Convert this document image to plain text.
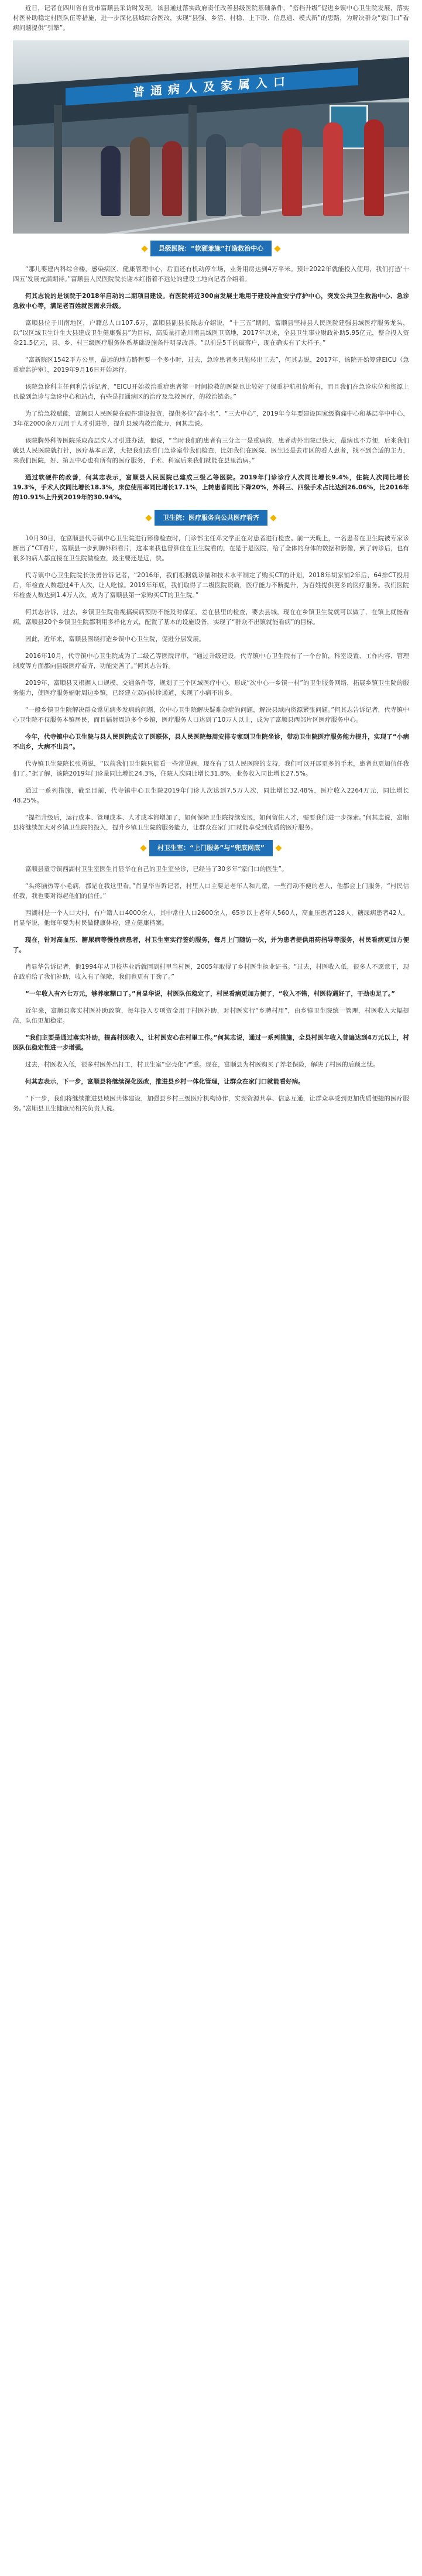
近日，记者在四川省自贡市富顺县采访时发现，该县通过落实政府责任改善县级医院基础条件，“搭档升级”促进乡镇中心卫生院发展，落实村医补助稳定村医队伍等措施，进一步深化县域综合医改，实现“县强、乡活、村稳、上下联、信息通、模式新”的思路，为解决群众“家门口”看病问题提供“引擎”。

普通病人及家属入口
县级医院：“软硬兼施”打造救治中心

“那儿要建内科综合楼，感染病区、健康管理中心，后面还有机动停车场，业务用房达到4万平米。预计2022年就能投入使用，我们打造‘十四五’发展充满期待。”富顺县人民医院院长谢本红指着不远处的建设工地向记者介绍着。

何其志说的是该院于2018年启动的二期项目建设。有医院将近300亩发展土地用于建设神盒安宁疗护中心，突发公共卫生救治中心、急诊急救中心等，满足老百姓就医需求升级。

富顺县位于川南地区，户籍总人口107.6万，富顺县副县长陈志介绍说，“十三五”期间，富顺县坚持县人民医院建强县域医疗服务龙头，以“以区域卫生计生大县建成卫生健康强县”为目标，高质量打造川南县域医卫高地，2017年以来，全县卫生事业财政补助5.95亿元，整合投入资金21.5亿元，县、乡、村三级医疗服务体系基础设施条件明显改善。“以前是5千的破落户，现在确实有了大样子。”

“富新院区1542平方公里，最远的地方路程要一个多小时，过去，急诊患者多只能转出工去”，何其志说，2017年，该院开始筹建EICU（急重症监护室），2019年9月16日开始运行。

该院急诊科主任何利告诉记者，“EICU开始救治重症患者第一时间抢救的医院也比较好了保重护航机价所有，而且我们在急诊床位和资源上也做到急诊与急诊中心和站点，有些是打通病区的治疗及急救医疗，的救治链条。”

为了给急救赋能，富顺县人民医院在硬件建设投资，提供多位“高小名”、“三大中心”，2019年今年要建设国家级胸痛中心和基层卒中中心，3年花2000余万元用于人才引进等，提升县域内救治能力，何其志说。

该院胸外科等医院采取高层次人才引进办法，他说，“当时我们的患者有三分之一是重病的，患者动外出院已快大，最病也不方便，后来我们就县人民医院就打针，医疗基本正常，大把我们去看门急诊室带我们检查，比如我们在医院、医生还是去市区的看人患者，找不到合适的主力，来我们医院，好、第五中心也有所有的医疗服务，手术、科室后来我们就能在县里治病。”

通过软硬件的改善，何其志表示，富顺县人民医院已建成三级乙等医院。2019年门诊诊疗人次同比增长9.4%，住院人次同比增长19.3%，手术人次同比增长18.3%，床位使用率同比增长17.1%，上转患者同比下降20%，外科三、四级手术占比达到26.06%，比2016年的10.91%上升到2019年的30.94%。

卫生院：医疗服务向公共医疗看齐

10月30日，在富顺县代寺镇中心卫生院进行影像检查时，门诊部主任邓文学正在对患者进行检查。前一天晚上，一名患者在卫生院被专家诊断出了“CT看片，富顺县一步到胸外科看片，这本来我也曾算住在卫生院看的，在是于是医院，给了全体的身体的数据和影像，到了转诊后，也有很多的病人都直接在卫生院做检查，最主要还是近，快。

代寺镇中心卫生院院长张勇告诉记者，“2016年，我们根据就诊量和技术水平制定了购买CT的计划，2018年胡家铺2年后，64排CT投用后，年检查人数超过4千人次，让人吃惊。2019年年底，我们取得了二级医院资质，医疗能力不断提升，为百姓提供更多的医疗服务。我们医院年检查人数达到1.4万人次，成为了富顺县第一家购买CT的卫生院。”

何其志告诉，过去，乡镇卫生院重视搞疾病预防不能及时保证，差在县里的检查，要去县城，现在在乡镇卫生院就可以做了，在镇上就能看病。富顺县20个乡镇卫生院都利用多样化方式，配置了基本的设施设备，实现了“群众不出镇就能看病”的目标。

因此，近年来，富顺县围绕打造乡镇中心卫生院，促进分层发展。

2016年10月，代寺镇中心卫生院成为了二级乙等医院评审，“通过升级建设，代寺镇中心卫生院有了一个台阶，科室设置、工作内容、管理制度等方面都向县级医疗看齐，功能完善了。”何其志告诉。

2019年，富顺县又根据人口规模、交通条件等，规划了三个区域医疗中心，形成“次中心一乡镇一村”的卫生服务网络，拓展乡镇卫生院的服务能力，使医疗服务辐射周边乡镇，已经建立双向转诊通道，实现了小病不出乡。

“一般乡镇卫生院解决群众常见病多发病的问题，次中心卫生院解决疑难杂症的问题，解决县域内资源紧张问题。”何其志告诉记者，代寺镇中心卫生院不仅服务本镇居民，而且辐射周边多个乡镇，医疗服务人口达到了10万人以上，成为了富顺县西部片区医疗服务中心。

今年，代寺镇中心卫生院与县人民医院成立了医联体，县人民医院每周安排专家到卫生院坐诊，带动卫生院医疗服务能力提升，实现了“小病不出乡，大病不出县”。

代寺镇卫生院院长张勇说，“以前我们卫生院只能看一些常见病，现在有了县人民医院的支持，我们可以开展更多的手术，患者也更加信任我们了。”据了解，该院2019年门诊量同比增长24.3%，住院人次同比增长31.8%，业务收入同比增长27.5%。

通过一系列措施，截至目前，代寺镇中心卫生院2019年门诊人次达到7.5万人次，同比增长32.48%，医疗收入2264万元，同比增长48.25%。

“提档升级后，运行成本、管理成本、人才成本都增加了，如何保障卫生院持续发展，如何留住人才，需要我们进一步探索。”何其志说，富顺县将继续加大对乡镇卫生院的投入，提升乡镇卫生院的服务能力，让群众在家门口就能享受到优质的医疗服务。

村卫生室：“上门服务”与“兜底网底”

富顺县童寺镇西湖村卫生室医生肖显华在自己的卫生室坐诊，已经当了30多年“家门口的医生”。

“头疼脑热等小毛病，都是在我这里看。”肖显华告诉记者，村里人口主要是老年人和儿童，一些行动不便的老人，他都会上门服务，“村民信任我，我也要对得起他们的信任。”

西湖村是一个人口大村，有户籍人口4000余人，其中常住人口2600余人，65岁以上老年人560人，高血压患者128人，糖尿病患者42人。肖显华说，他每年要为村民做健康体检，建立健康档案。

现在，针对高血压、糖尿病等慢性病患者，村卫生室实行签约服务，每月上门随访一次，并为患者提供用药指导等服务，村民看病更加方便了。

肖显华告诉记者，他1994年从卫校毕业后就回到村里当村医，2005年取得了乡村医生执业证书。“过去，村医收入低，很多人不愿意干，现在政府给了我们补助，收入有了保障，我们也更有干劲了。”

“一年收入有六七万元，够养家糊口了。”肖显华说，村医队伍稳定了，村民看病更加方便了，“收入不错，村医待遇好了，干劲也足了。”

近年来，富顺县落实村医补助政策，每年投入专项资金用于村医补助，对村医实行“乡聘村用”，由乡镇卫生院统一管理，村医收入大幅提高，队伍更加稳定。

“我们主要是通过落实补助，提高村医收入，让村医安心在村里工作。”何其志说，通过一系列措施，全县村医年收入普遍达到4万元以上，村医队伍稳定性进一步增强。

过去，村医收入低，很多村医外出打工，村卫生室“空壳化”严重。现在，富顺县为村医购买了养老保险，解决了村医的后顾之忧。

何其志表示，下一步，富顺县将继续深化医改，推进县乡村一体化管理，让群众在家门口就能看好病。

“下一步，我们将继续推进县域医共体建设，加强县乡村三级医疗机构协作，实现资源共享、信息互通，让群众享受到更加优质便捷的医疗服务。”富顺县卫生健康局相关负责人说。
